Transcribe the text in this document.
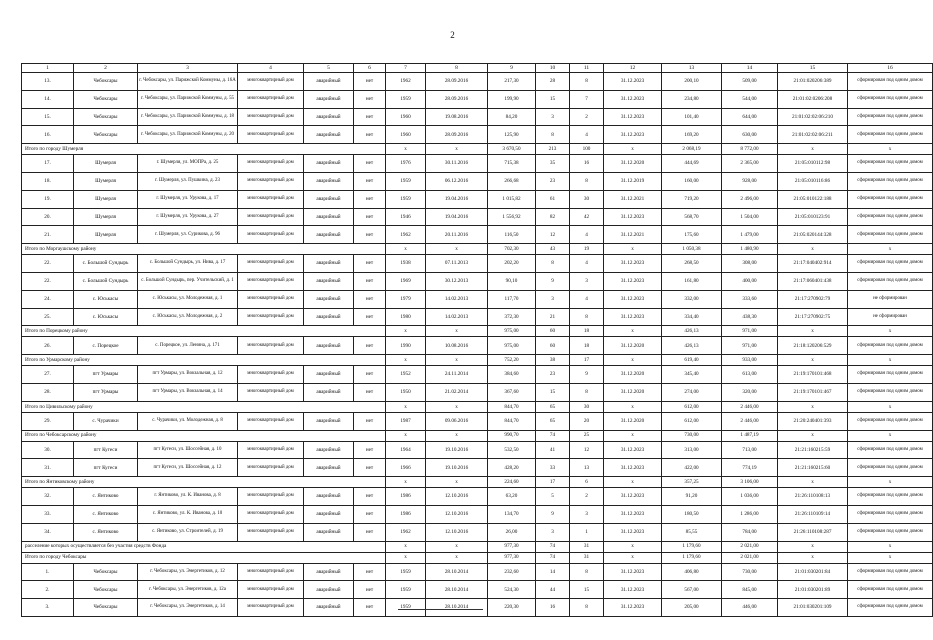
2
1	2	3	4	5	6	7	8	9	10	11	12	13	14	15	16
13.	Чебоксары	г. Чебоксары, ул. Парижской Коммуны, д. 16А	многоквартирный дом	аварийный	нет	1962	28.09.2016	217,30	28	8	31.12.2023	200,10	509,00	21:01:020206:389	сформирован под одним домом
14.	Чебоксары	г. Чебоксары, ул. Парижской Коммуны, д. 55	многоквартирный дом	аварийный	нет	1959	28.09.2016	199,90	15	7	31.12.2023	234,80	544,00	21:01:02:0206:208	сформирован под одним домом
15.	Чебоксары	г. Чебоксары, ул. Парижской Коммуны, д. 18	многоквартирный дом	аварийный	нет	1960	19.08.2016	84,20	3	2	31.12.2023	101,40	644,00	21:01:02:02:06:210	сформирован под одним домом
16.	Чебоксары	г. Чебоксары, ул. Парижской Коммуны, д. 20	многоквартирный дом	аварийный	нет	1960	28.09.2016	125,90	8	4	31.12.2023	169,20	630,00	21:01:02:02:06:211	сформирован под одним домом
Итого по городу Шумерля						х	х	3 670,50	213	100	х	2 068,19	8 772,00	х	х
17.	Шумерля	г. Шумерля, ул. МОПРа, д. 25	многоквартирный дом	аварийный	нет	1976	30.11.2016	715,38	35	16	31.12.2020	444,69	2 365,00	21:05:010112:98	сформирован под одним домом
18.	Шумерля	г. Шумерля, ул. Пушкина, д. 23	многоквартирный дом	аварийный	нет	1959	06.12.2016	266,68	23	8	31.12.2019	160,00	928,00	21:05:010116:86	сформирован под одним домом
19.	Шумерля	г. Шумерля, ул. Урукова, д. 17	многоквартирный дом	аварийный	нет	1959	19.04.2016	1 015,82	61	30	31.12.2021	719,20	2 496,00	21:05:010122:188	сформирован под одним домом
20.	Шумерля	г. Шумерля, ул. Урукова, д. 27	многоквартирный дом	аварийный	нет	1946	19.04.2016	1 556,92	82	42	31.12.2023	568,70	1 504,00	21:05:010123:91	сформирован под одним домом
21.	Шумерля	г. Шумерля, ул. Сурикова, д. 96	многоквартирный дом	аварийный	нет	1962	20.11.2016	116,50	12	4	31.12.2021	175,60	1 479,00	21:05:020144:328	сформирован под одним домом
Итого по Моргаушскому району						х	х	702,30	43	19	х	1 050,38	1 480,90	х	х
22.	с. Большой Сундырь	с. Большой Сундырь, ул. Нива, д. 17	многоквартирный дом	аварийный	нет	1938	07.11.2013	202,20	8	4	31.12.2023	268,50	308,00	21:17:040402:914	сформирован под одним домом
22.	с. Большой Сундырь	с. Большой Сундырь, пер. Учительский, д. 1	многоквартирный дом	аварийный	нет	1969	30.12.2013	90,10	9	3	31.12.2023	161,80	400,00	21:17:060401:438	сформирован под одним домом
24.	с. Юськасы	с. Юськасы, ул. Молодежная, д. 1	многоквартирный дом	аварийный	нет	1979	14.02.2013	117,70	3	4	31.12.2023	332,00	333,60	21:17:270902:79	не сформирован
25.	с. Юськасы	с. Юськасы, ул. Молодежная, д. 2	многоквартирный дом	аварийный	нет	1980	14.02.2013	372,30	21	8	31.12.2023	334,40	438,30	21:17:270902:75	не сформирован
Итого по Порецкому району						х	х	975,00	60	18	х	426,13	971,00	х	х
26.	с. Порецкое	с. Порецкое, ул. Ленина, д. 171	многоквартирный дом	аварийный	нет	1990	10.08.2016	975,00	60	18	31.12.2020	426,13	971,00	21:18:120206:529	сформирован под одним домом
Итого по Урмарскому району						х	х	752,20	38	17	х	619,40	933,00	х	х
27.	пгт Урмары	пгт Урмары, ул. Вокзальная, д. 12	многоквартирный дом	аварийный	нет	1952	24.11.2014	384,60	23	9	31.12.2020	345,40	613,00	21:19:170101:468	сформирован под одним домом
28.	пгт Урмары	пгт Урмары, ул. Вокзальная, д. 14	многоквартирный дом	аварийный	нет	1950	21.02.2014	367,60	15	8	31.12.2020	274,00	320,00	21:19:170101:467	сформирован под одним домом
Итого по Цивильскому району						х	х	844,70	65	30	х	612,00	2 446,00	х	х
29.	с. Чурачики	с. Чурачики, ул. Молодежная, д. 8	многоквартирный дом	аварийный	нет	1987	09.06.2016	844,70	65	20	31.12.2020	612,00	2 446,00	21:20:240401:393	сформирован под одним домом
Итого по Чебоксарскому району						х	х	990,70	74	25	х	730,00	1 487,19	х	х
30.	пгт Кугеси	пгт Кугеси, ул. Шоссейная, д. 10	многоквартирный дом	аварийный	нет	1964	19.10.2016	532,50	41	12	31.12.2023	313,00	713,00	21:21:160215:59	сформирован под одним домом
31.	пгт Кугеси	пгт Кугеси, ул. Шоссейная, д. 12	многоквартирный дом	аварийный	нет	1966	19.10.2016	428,20	33	13	31.12.2023	422,00	774,19	21:21:160215:60	сформирован под одним домом
Итого по Янтиковскому району						х	х	224,60	17	6	х	357,25	3 106,00	х	х
32.	с. Янтиково	г. Янтиково, ул. К. Иванова, д. 8	многоквартирный дом	аварийный	нет	1986	12.10.2016	63,20	5	2	31.12.2023	91,20	1 036,00	21:26:110108:13	сформирован под одним домом
33.	с. Янтиково	с. Янтиково, ул. К. Иванова, д. 10	многоквартирный дом	аварийный	нет	1986	12.10.2016	134,70	9	3	31.12.2023	180,50	1 286,00	21:26:110109:14	сформирован под одним домом
34.	с. Янтиково	с. Янтиково, ул. Строителей, д. 19	многоквартирный дом	аварийный	нет	1962	12.10.2016	26,00	3	1	31.12.2023	85,55	784,00	21:26:110108:287	сформирован под одним домом
расселение которых осуществляется без участия средств Фонда						х	х	977,30	74	31	х	1 179,60	2 021,00	х	х
Итого по городу Чебоксары						х	х	977,30	74	31	х	1 179,60	2 021,00	х	х
1.	Чебоксары	г. Чебоксары, ул. Энергетиков, д. 12	многоквартирный дом	аварийный	нет	1959	28.10.2014	232,60	14	8	31.12.2023	406,80	730,00	21:01:030201:84	сформирован под одним домом
2.	Чебоксары	г. Чебоксары, ул. Энергетиков, д. 12а	многоквартирный дом	аварийный	нет	1959	28.10.2014	524,30	44	15	31.12.2023	567,00	845,00	21:01:030201:89	сформирован под одним домом
3.	Чебоксары	г. Чебоксары, ул. Энергетиков, д. 14	многоквартирный дом	аварийный	нет	1959	28.10.2014	220,30	16	8	31.12.2023	205,00	446,00	21:01:030201:109	сформирован под одним домом
